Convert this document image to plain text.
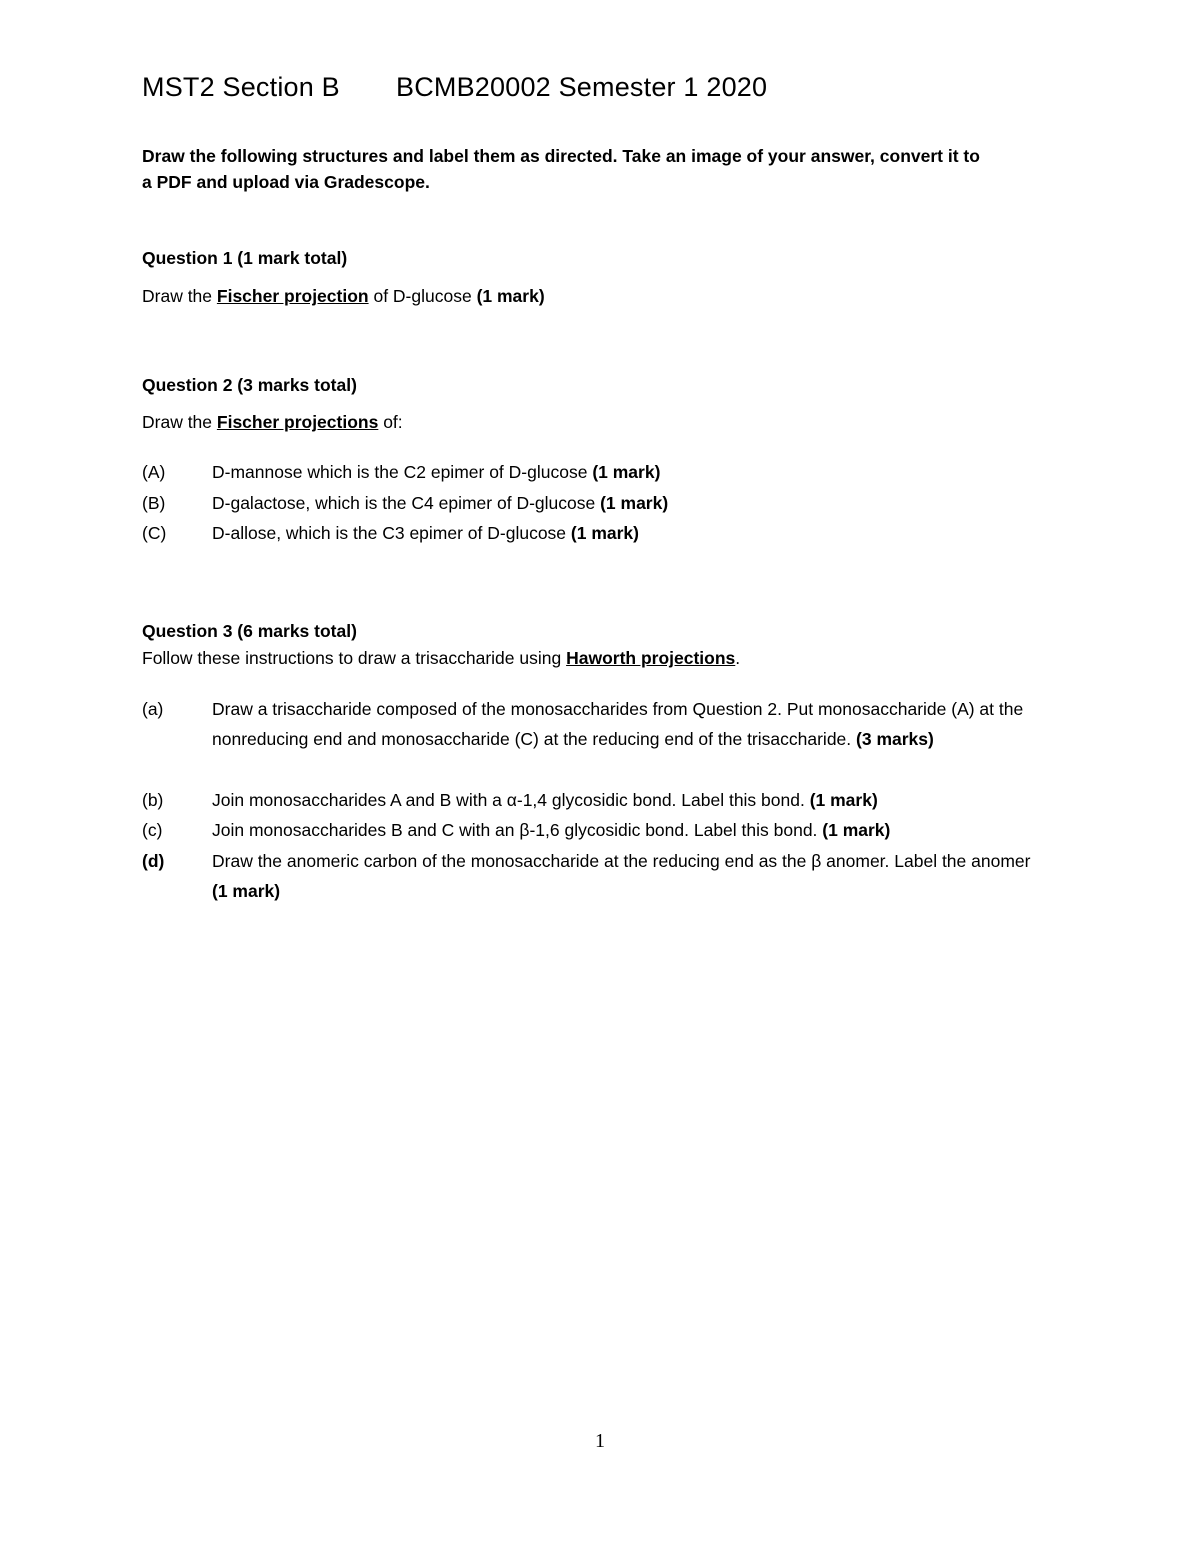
MST2 Section B BCMB20002 Semester 1 2020
Draw the following structures and label them as directed. Take an image of your answer, convert it to
a PDF and upload via Gradescope.
Question 1 (1 mark total)
Draw the Fischer projection of D-glucose (1 mark)
Question 2 (3 marks total)
Draw the Fischer projections of:
(A)	D-mannose which is the C2 epimer of D-glucose (1 mark)
(B)	D-galactose, which is the C4 epimer of D-glucose (1 mark)
(C)	D-allose, which is the C3 epimer of D-glucose (1 mark)
Question 3 (6 marks total)
Follow these instructions to draw a trisaccharide using Haworth projections.
(a)	Draw a trisaccharide composed of the monosaccharides from Question 2. Put monosaccharide (A) at the nonreducing end and monosaccharide (C) at the reducing end of the trisaccharide. (3 marks)
(b)	Join monosaccharides A and B with a α-1,4 glycosidic bond. Label this bond. (1 mark)
(c)	Join monosaccharides B and C with an β-1,6 glycosidic bond. Label this bond. (1 mark)
(d)	Draw the anomeric carbon of the monosaccharide at the reducing end as the β anomer. Label the anomer (1 mark)
1
